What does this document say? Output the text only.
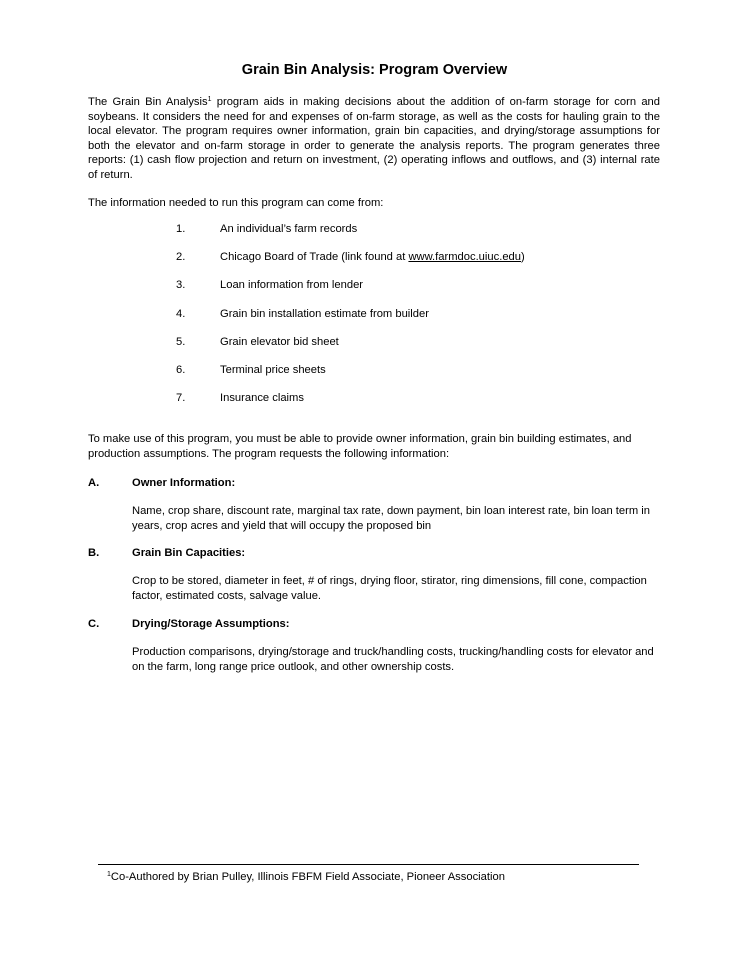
Grain Bin Analysis: Program Overview
The Grain Bin Analysis$^1$ program aids in making decisions about the addition of on-farm storage for corn and soybeans. It considers the need for and expenses of on-farm storage, as well as the costs for hauling grain to the local elevator. The program requires owner information, grain bin capacities, and drying/storage assumptions for both the elevator and on-farm storage in order to generate the analysis reports. The program generates three reports: (1) cash flow projection and return on investment, (2) operating inflows and outflows, and (3) internal rate of return.
The information needed to run this program can come from:
1.	An individual’s farm records
2.	Chicago Board of Trade (link found at www.farmdoc.uiuc.edu)
3.	Loan information from lender
4.	Grain bin installation estimate from builder
5.	Grain elevator bid sheet
6.	Terminal price sheets
7.	Insurance claims
To make use of this program, you must be able to provide owner information, grain bin building estimates, and production assumptions. The program requests the following information:
A.	Owner Information:
Name, crop share, discount rate, marginal tax rate, down payment, bin loan interest rate, bin loan term in years, crop acres and yield that will occupy the proposed bin
B.	Grain Bin Capacities:
Crop to be stored, diameter in feet, # of rings, drying floor, stirator, ring dimensions, fill cone, compaction factor, estimated costs, salvage value.
C.	Drying/Storage Assumptions:
Production comparisons, drying/storage and truck/handling costs, trucking/handling costs for elevator and on the farm, long range price outlook, and other ownership costs.
$^1$Co-Authored by Brian Pulley, Illinois FBFM Field Associate, Pioneer Association
